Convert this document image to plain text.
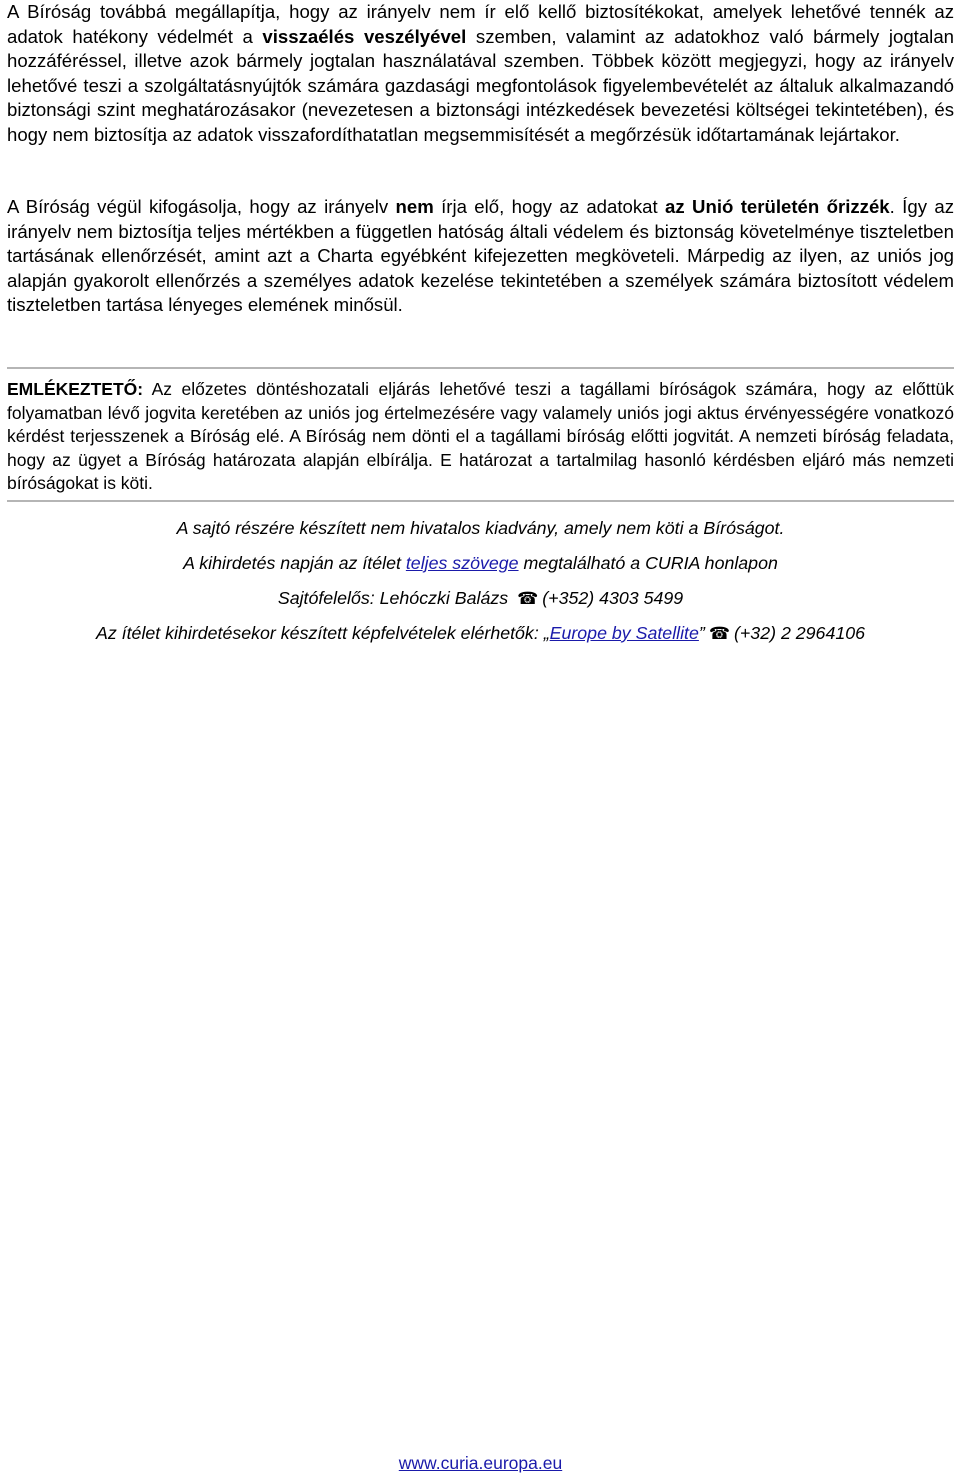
A Bíróság továbbá megállapítja, hogy az irányelv nem ír elő kellő biztosítékokat, amelyek lehetővé tennék az adatok hatékony védelmét a visszaélés veszélyével szemben, valamint az adatokhoz való bármely jogtalan hozzáféréssel, illetve azok bármely jogtalan használatával szemben. Többek között megjegyzi, hogy az irányelv lehetővé teszi a szolgáltatásnyújtók számára gazdasági megfontolások figyelembevételét az általuk alkalmazandó biztonsági szint meghatározásakor (nevezetesen a biztonsági intézkedések bevezetési költségei tekintetében), és hogy nem biztosítja az adatok visszafordíthatatlan megsemmisítését a megőrzésük időtartamának lejártakor.

A Bíróság végül kifogásolja, hogy az irányelv nem írja elő, hogy az adatokat az Unió területén őrizzék. Így az irányelv nem biztosítja teljes mértékben a független hatóság általi védelem és biztonság követelménye tiszteletben tartásának ellenőrzését, amint azt a Charta egyébként kifejezetten megköveteli. Márpedig az ilyen, az uniós jog alapján gyakorolt ellenőrzés a személyes adatok kezelése tekintetében a személyek számára biztosított védelem tiszteletben tartása lényeges elemének minősül.

EMLÉKEZTETŐ: Az előzetes döntéshozatali eljárás lehetővé teszi a tagállami bíróságok számára, hogy az előttük folyamatban lévő jogvita keretében az uniós jog értelmezésére vagy valamely uniós jogi aktus érvényességére vonatkozó kérdést terjesszenek a Bíróság elé. A Bíróság nem dönti el a tagállami bíróság előtti jogvitát. A nemzeti bíróság feladata, hogy az ügyet a Bíróság határozata alapján elbírálja. E határozat a tartalmilag hasonló kérdésben eljáró más nemzeti bíróságokat is köti.

A sajtó részére készített nem hivatalos kiadvány, amely nem köti a Bíróságot.

A kihirdetés napján az ítélet teljes szövege megtalálható a CURIA honlapon

Sajtófelelős: Lehóczki Balázs ☎ (+352) 4303 5499

Az ítélet kihirdetésekor készített képfelvételek elérhetők: „Europe by Satellite” ☎ (+32) 2 2964106

www.curia.europa.eu
